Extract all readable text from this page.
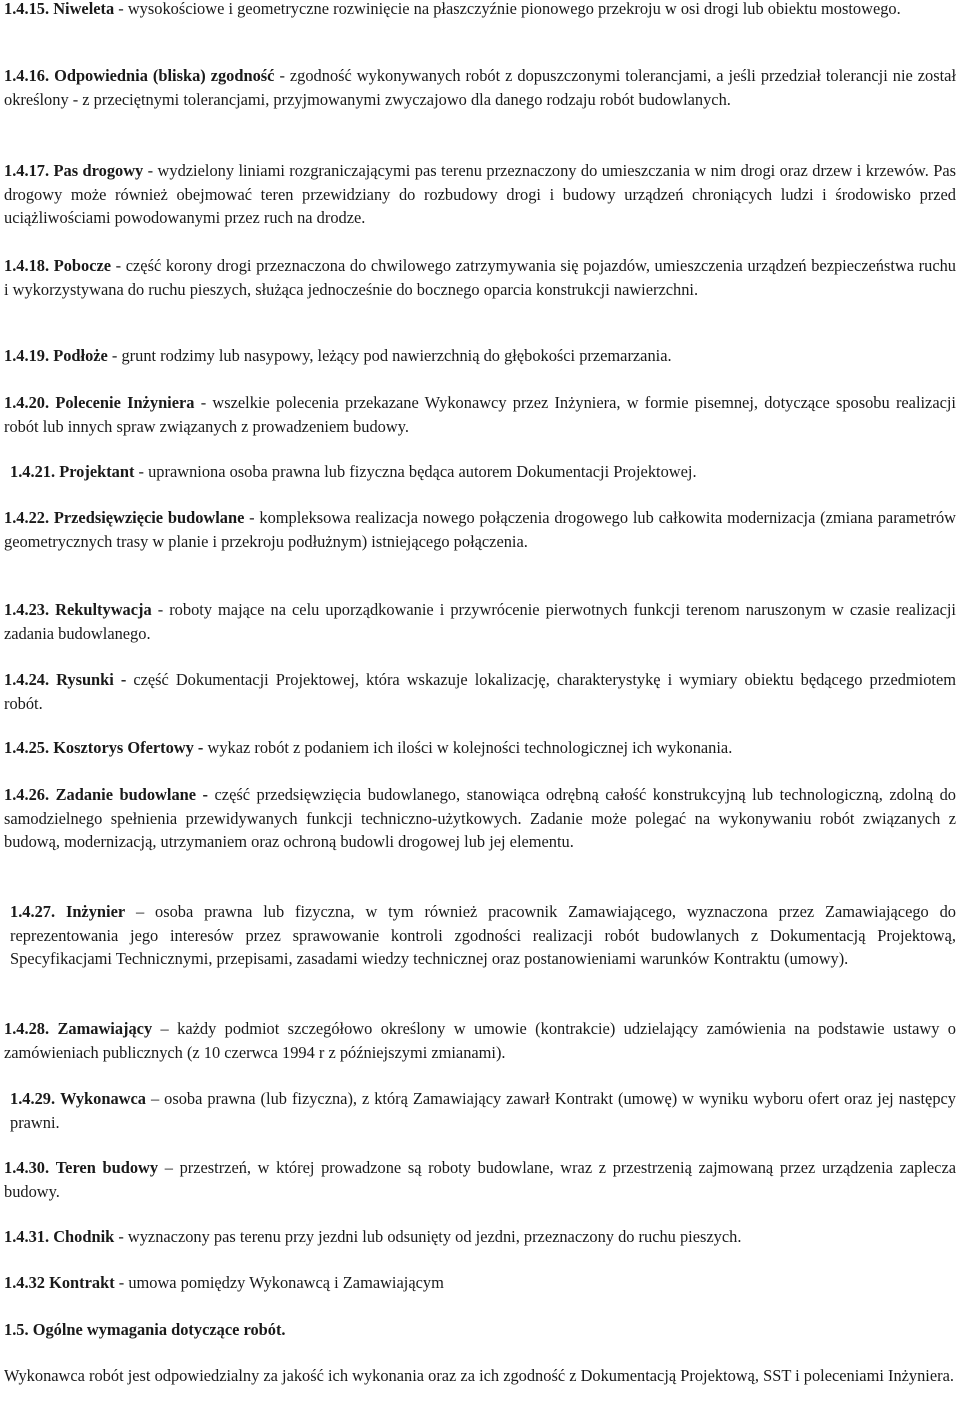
1.4.15. Niweleta - wysokościowe i geometryczne rozwinięcie na płaszczyźnie pionowego przekroju w osi drogi lub obiektu mostowego.

1.4.16. Odpowiednia (bliska) zgodność - zgodność wykonywanych robót z dopuszczonymi tolerancjami, a jeśli przedział tolerancji nie został określony - z przeciętnymi tolerancjami, przyjmowanymi zwyczajowo dla danego rodzaju robót budowlanych.

1.4.17. Pas drogowy - wydzielony liniami rozgraniczającymi pas terenu przeznaczony do umieszczania w nim drogi oraz drzew i krzewów. Pas drogowy może również obejmować teren przewidziany do rozbudowy drogi i budowy urządzeń chroniących ludzi i środowisko przed uciążliwościami powodowanymi przez ruch na drodze.

1.4.18. Pobocze - część korony drogi przeznaczona do chwilowego zatrzymywania się pojazdów, umieszczenia urządzeń bezpieczeństwa ruchu i wykorzystywana do ruchu pieszych, służąca jednocześnie do bocznego oparcia konstrukcji nawierzchni.

1.4.19. Podłoże - grunt rodzimy lub nasypowy, leżący pod nawierzchnią do głębokości przemarzania.

1.4.20. Polecenie Inżyniera - wszelkie polecenia przekazane Wykonawcy przez Inżyniera, w formie pisemnej, dotyczące sposobu realizacji robót lub innych spraw związanych z prowadzeniem budowy.

1.4.21. Projektant - uprawniona osoba prawna lub fizyczna będąca autorem Dokumentacji Projektowej.

1.4.22. Przedsięwzięcie budowlane - kompleksowa realizacja nowego połączenia drogowego lub całkowita modernizacja (zmiana parametrów geometrycznych trasy w planie i przekroju podłużnym) istniejącego połączenia.

1.4.23. Rekultywacja - roboty mające na celu uporządkowanie i przywrócenie pierwotnych funkcji terenom naruszonym w czasie realizacji zadania budowlanego.

1.4.24. Rysunki - część Dokumentacji Projektowej, która wskazuje lokalizację, charakterystykę i wymiary obiektu będącego przedmiotem robót.

1.4.25. Kosztorys Ofertowy - wykaz robót z podaniem ich ilości w kolejności technologicznej ich wykonania.

1.4.26. Zadanie budowlane - część przedsięwzięcia budowlanego, stanowiąca odrębną całość konstrukcyjną lub technologiczną, zdolną do samodzielnego spełnienia przewidywanych funkcji techniczno-użytkowych. Zadanie może polegać na wykonywaniu robót związanych z budową, modernizacją, utrzymaniem oraz ochroną budowli drogowej lub jej elementu.

1.4.27. Inżynier – osoba prawna lub fizyczna, w tym również pracownik Zamawiającego, wyznaczona przez Zamawiającego do reprezentowania jego interesów przez sprawowanie kontroli zgodności realizacji robót budowlanych z Dokumentacją Projektową, Specyfikacjami Technicznymi, przepisami, zasadami wiedzy technicznej oraz postanowieniami warunków Kontraktu (umowy).

1.4.28. Zamawiający – każdy podmiot szczegółowo określony w umowie (kontrakcie) udzielający zamówienia na podstawie ustawy o zamówieniach publicznych (z 10 czerwca 1994 r z późniejszymi zmianami).

1.4.29. Wykonawca – osoba prawna (lub fizyczna), z którą Zamawiający zawarł Kontrakt (umowę) w wyniku wyboru ofert oraz jej następcy prawni.

1.4.30. Teren budowy – przestrzeń, w której prowadzone są roboty budowlane, wraz z przestrzenią zajmowaną przez urządzenia zaplecza budowy.

1.4.31. Chodnik - wyznaczony pas terenu przy jezdni lub odsunięty od jezdni, przeznaczony do ruchu pieszych.

1.4.32 Kontrakt - umowa pomiędzy Wykonawcą i Zamawiającym

1.5. Ogólne wymagania dotyczące robót.

Wykonawca robót jest odpowiedzialny za jakość ich wykonania oraz za ich zgodność z Dokumentacją Projektową, SST i poleceniami Inżyniera.
